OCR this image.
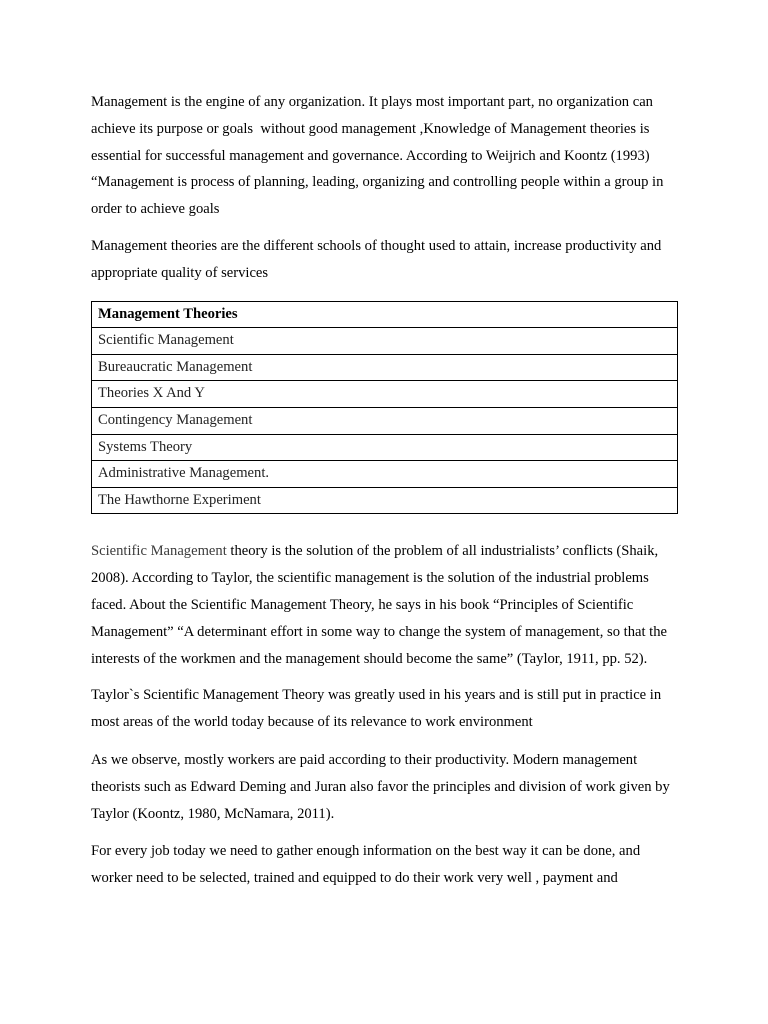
Management is the engine of any organization. It plays most important part, no organization can achieve its purpose or goals  without good management ,Knowledge of Management theories is essential for successful management and governance. According to Weijrich and Koontz (1993) “Management is process of planning, leading, organizing and controlling people within a group in order to achieve goals

Management theories are the different schools of thought used to attain, increase productivity and appropriate quality of services

Management Theories
Scientific Management
Bureaucratic Management
Theories X And Y
Contingency Management
Systems Theory
Administrative Management.
The Hawthorne Experiment

Scientific Management theory is the solution of the problem of all industrialists’ conflicts (Shaik, 2008). According to Taylor, the scientific management is the solution of the industrial problems faced. About the Scientific Management Theory, he says in his book “Principles of Scientific Management” “A determinant effort in some way to change the system of management, so that the interests of the workmen and the management should become the same” (Taylor, 1911, pp. 52).

Taylor`s Scientific Management Theory was greatly used in his years and is still put in practice in most areas of the world today because of its relevance to work environment

As we observe, mostly workers are paid according to their productivity. Modern management theorists such as Edward Deming and Juran also favor the principles and division of work given by Taylor (Koontz, 1980, McNamara, 2011).

For every job today we need to gather enough information on the best way it can be done, and worker need to be selected, trained and equipped to do their work very well , payment and
